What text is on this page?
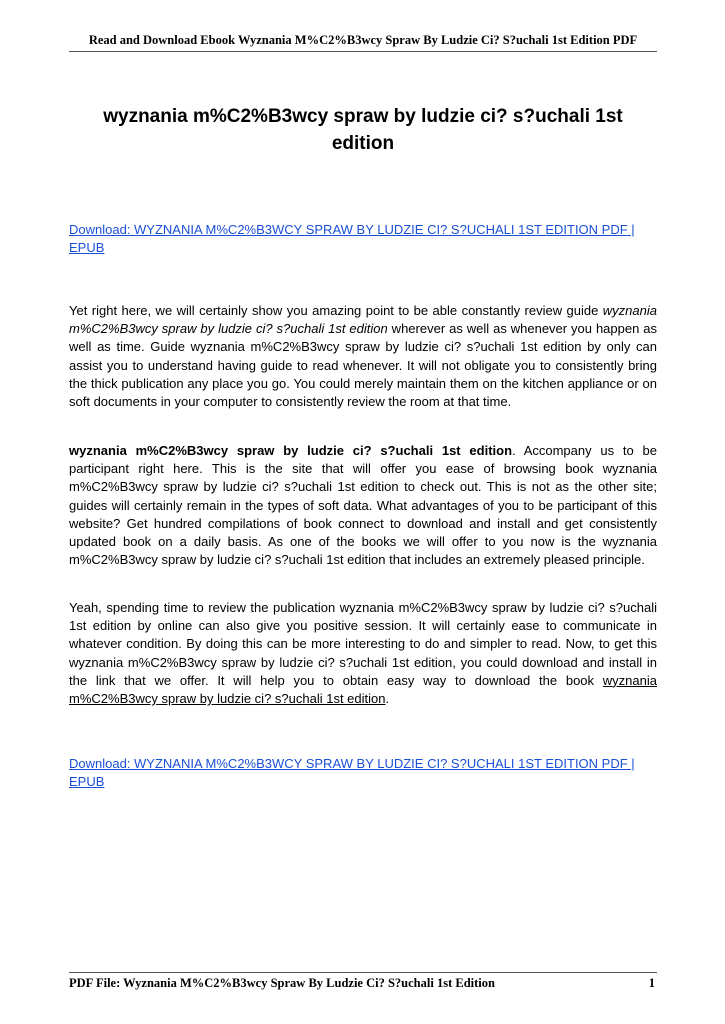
Read and Download Ebook Wyznania M%C2%B3wcy Spraw By Ludzie Ci? S?uchali 1st Edition PDF
wyznania m%C2%B3wcy spraw by ludzie ci? s?uchali 1st
edition
Download: WYZNANIA M%C2%B3WCY SPRAW BY LUDZIE CI? S?UCHALI 1ST EDITION PDF |
EPUB

Yet right here, we will certainly show you amazing point to be able constantly review guide wyznania m%C2%B3wcy spraw by ludzie ci? s?uchali 1st edition wherever as well as whenever you happen as well as time. Guide wyznania m%C2%B3wcy spraw by ludzie ci? s?uchali 1st edition by only can assist you to understand having guide to read whenever. It will not obligate you to consistently bring the thick publication any place you go. You could merely maintain them on the kitchen appliance or on soft documents in your computer to consistently review the room at that time.

wyznania m%C2%B3wcy spraw by ludzie ci? s?uchali 1st edition. Accompany us to be participant right here. This is the site that will offer you ease of browsing book wyznania m%C2%B3wcy spraw by ludzie ci? s?uchali 1st edition to check out. This is not as the other site; guides will certainly remain in the types of soft data. What advantages of you to be participant of this website? Get hundred compilations of book connect to download and install and get consistently updated book on a daily basis. As one of the books we will offer to you now is the wyznania m%C2%B3wcy spraw by ludzie ci? s?uchali 1st edition that includes an extremely pleased principle.

Yeah, spending time to review the publication wyznania m%C2%B3wcy spraw by ludzie ci? s?uchali 1st edition by online can also give you positive session. It will certainly ease to communicate in whatever condition. By doing this can be more interesting to do and simpler to read. Now, to get this wyznania m%C2%B3wcy spraw by ludzie ci? s?uchali 1st edition, you could download and install in the link that we offer. It will help you to obtain easy way to download the book wyznania m%C2%B3wcy spraw by ludzie ci? s?uchali 1st edition.

Download: WYZNANIA M%C2%B3WCY SPRAW BY LUDZIE CI? S?UCHALI 1ST EDITION PDF |
EPUB
PDF File: Wyznania M%C2%B3wcy Spraw By Ludzie Ci? S?uchali 1st Edition	1
